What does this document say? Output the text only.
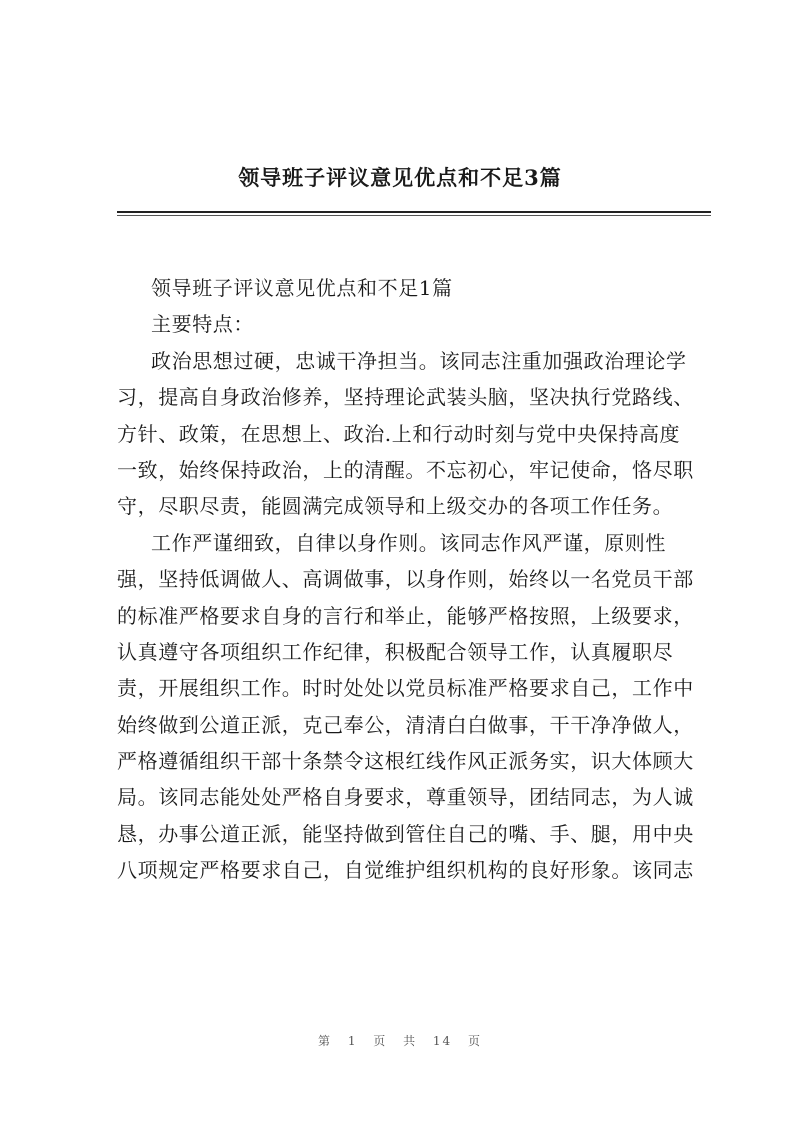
领导班子评议意见优点和不足3篇
领导班子评议意见优点和不足1篇
主要特点：
政治思想过硬，忠诚干净担当。该同志注重加强政治理论学
习，提高自身政治修养，坚持理论武装头脑，坚决执行党路线、
方针、政策，在思想上、政治.上和行动时刻与党中央保持高度
一致，始终保持政治，上的清醒。不忘初心，牢记使命，恪尽职
守，尽职尽责，能圆满完成领导和上级交办的各项工作任务。
工作严谨细致，自律以身作则。该同志作风严谨，原则性
强，坚持低调做人、高调做事，以身作则，始终以一名党员干部
的标准严格要求自身的言行和举止，能够严格按照，上级要求，
认真遵守各项组织工作纪律，积极配合领导工作，认真履职尽
责，开展组织工作。时时处处以党员标准严格要求自己，工作中
始终做到公道正派，克己奉公，清清白白做事，干干净净做人，
严格遵循组织干部十条禁令这根红线作风正派务实，识大体顾大
局。该同志能处处严格自身要求，尊重领导，团结同志，为人诚
恳，办事公道正派，能坚持做到管住自己的嘴、手、腿，用中央
八项规定严格要求自己，自觉维护组织机构的良好形象。该同志
第 1 页 共 14 页
